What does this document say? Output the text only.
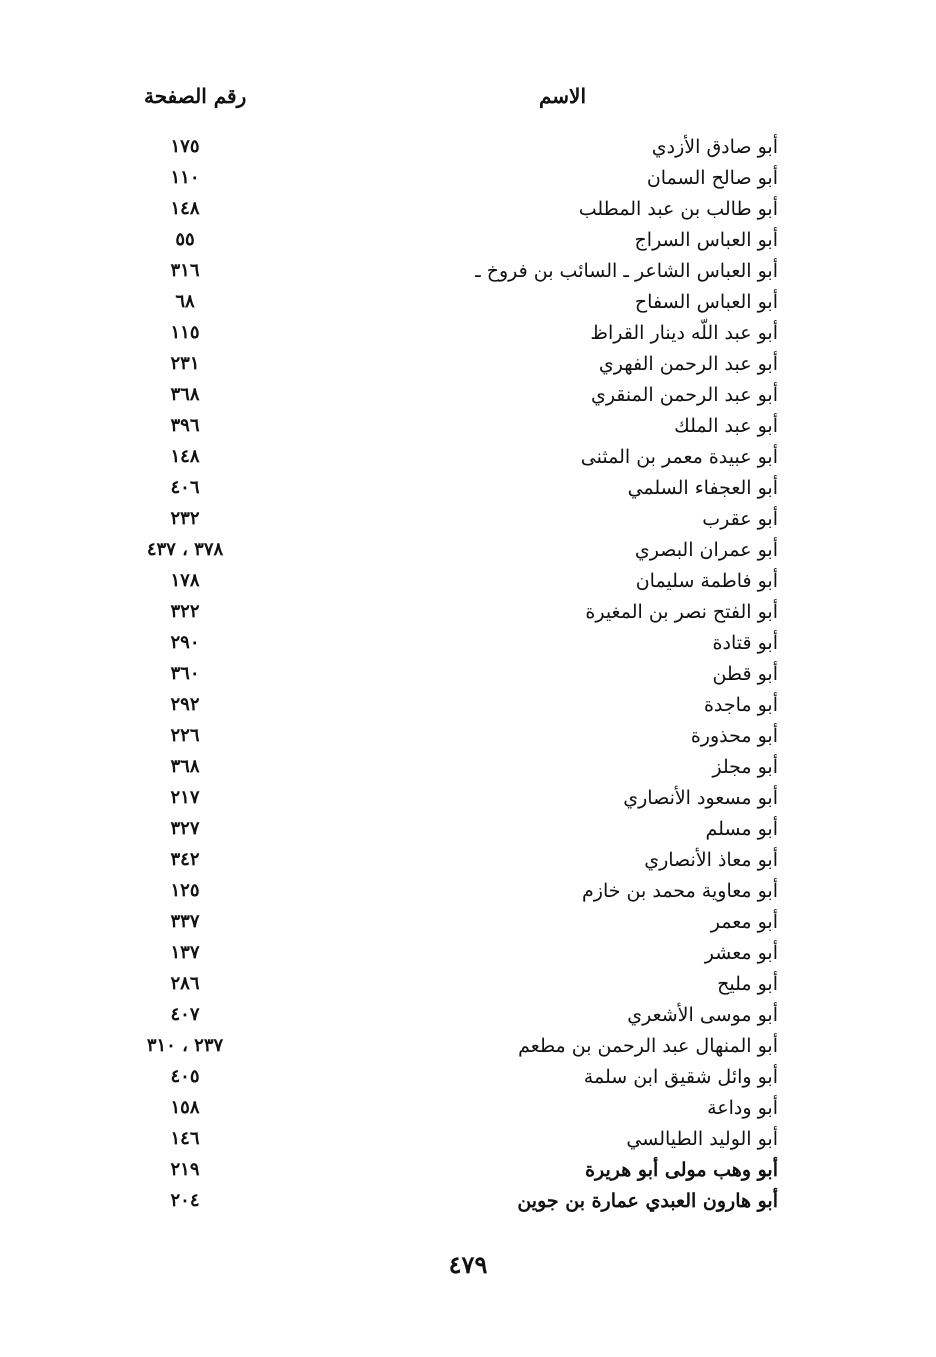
الاسم
رقم الصفحة
أبو صادق الأزدي
١٧٥
أبو صالح السمان
١١٠
أبو طالب بن عبد المطلب
١٤٨
أبو العباس السراج
٥٥
أبو العباس الشاعر ـ السائب بن فروخ ـ
٣١٦
أبو العباس السفاح
٦٨
أبو عبد اللّه دينار القراظ
١١٥
أبو عبد الرحمن الفهري
٢٣١
أبو عبد الرحمن المنقري
٣٦٨
أبو عبد الملك
٣٩٦
أبو عبيدة معمر بن المثنى
١٤٨
أبو العجفاء السلمي
٤٠٦
أبو عقرب
٢٣٢
أبو عمران البصري
٣٧٨ ، ٤٣٧
أبو فاطمة سليمان
١٧٨
أبو الفتح نصر بن المغيرة
٣٢٢
أبو قتادة
٢٩٠
أبو قطن
٣٦٠
أبو ماجدة
٢٩٢
أبو محذورة
٢٢٦
أبو مجلز
٣٦٨
أبو مسعود الأنصاري
٢١٧
أبو مسلم
٣٢٧
أبو معاذ الأنصاري
٣٤٢
أبو معاوية محمد بن خازم
١٢٥
أبو معمر
٣٣٧
أبو معشر
١٣٧
أبو مليح
٢٨٦
أبو موسى الأشعري
٤٠٧
أبو المنهال عبد الرحمن بن مطعم
٢٣٧ ، ٣١٠
أبو وائل شقيق ابن سلمة
٤٠٥
أبو وداعة
١٥٨
أبو الوليد الطيالسي
١٤٦
أبو وهب مولى أبو هريرة
٢١٩
أبو هارون العبدي عمارة بن جوين
٢٠٤
٤٧٩
